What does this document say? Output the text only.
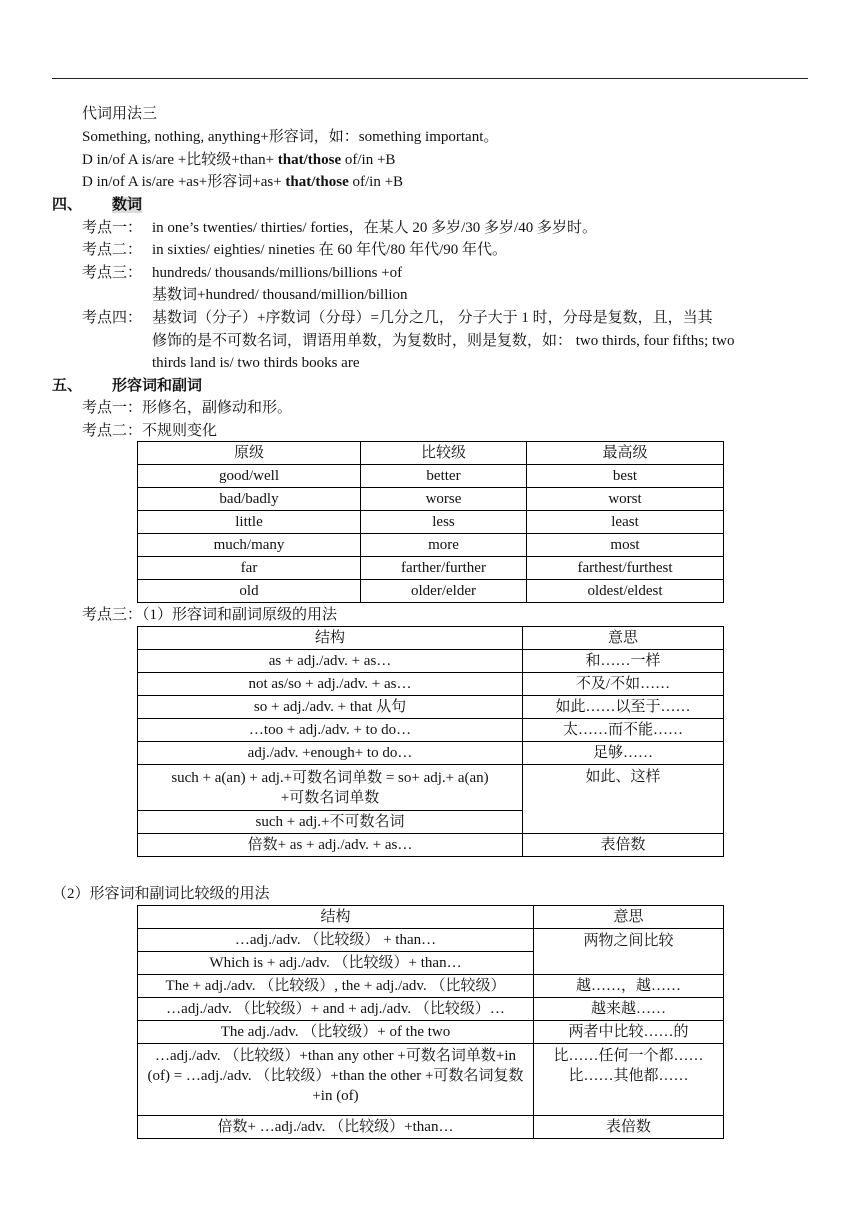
代词用法三
Something, nothing, anything+形容词，如：something important。
D in/of A is/are +比较级+than+ that/those of/in +B
D in/of A is/are +as+形容词+as+ that/those of/in +B
四、 数词
考点一： in one’s twenties/ thirties/ forties，在某人 20 多岁/30 多岁/40 多岁时。
考点二： in sixties/ eighties/ nineties 在 60 年代/80 年代/90 年代。
考点三： hundreds/ thousands/millions/billions +of
基数词+hundred/ thousand/million/billion
考点四： 基数词（分子）+序数词（分母）=几分之几， 分子大于 1 时，分母是复数，且，当其
修饰的是不可数名词，谓语用单数，为复数时，则是复数，如： two thirds, four fifths; two
thirds land is/ two thirds books are
五、 形容词和副词
考点一：形修名，副修动和形。
考点二：不规则变化
原级	比较级	最高级
good/well	better	best
bad/badly	worse	worst
little	less	least
much/many	more	most
far	farther/further	farthest/furthest
old	older/elder	oldest/eldest
考点三：（1）形容词和副词原级的用法
结构	意思
as + adj./adv. + as…	和……一样
not as/so + adj./adv. + as…	不及/不如……
so + adj./adv. + that 从句	如此……以至于……
…too + adj./adv. + to do…	太……而不能……
adj./adv. +enough+ to do…	足够……
such + a(an) + adj.+可数名词单数 = so+ adj.+ a(an) +可数名词单数	如此、这样
such + adj.+不可数名词	
倍数+ as + adj./adv. + as…	表倍数
（2）形容词和副词比较级的用法
结构	意思
…adj./adv. （比较级） + than…	两物之间比较
Which is + adj./adv. （比较级）+ than…	
The + adj./adv. （比较级）, the + adj./adv. （比较级）	越……，越……
…adj./adv. （比较级）+ and + adj./adv. （比较级）…	越来越……
The adj./adv. （比较级）+ of the two	两者中比较……的
…adj./adv. （比较级）+than any other +可数名词单数+in (of) = …adj./adv. （比较级）+than the other +可数名词复数+in (of)	比……任何一个都……比……其他都……
倍数+ …adj./adv. （比较级）+than…	表倍数
